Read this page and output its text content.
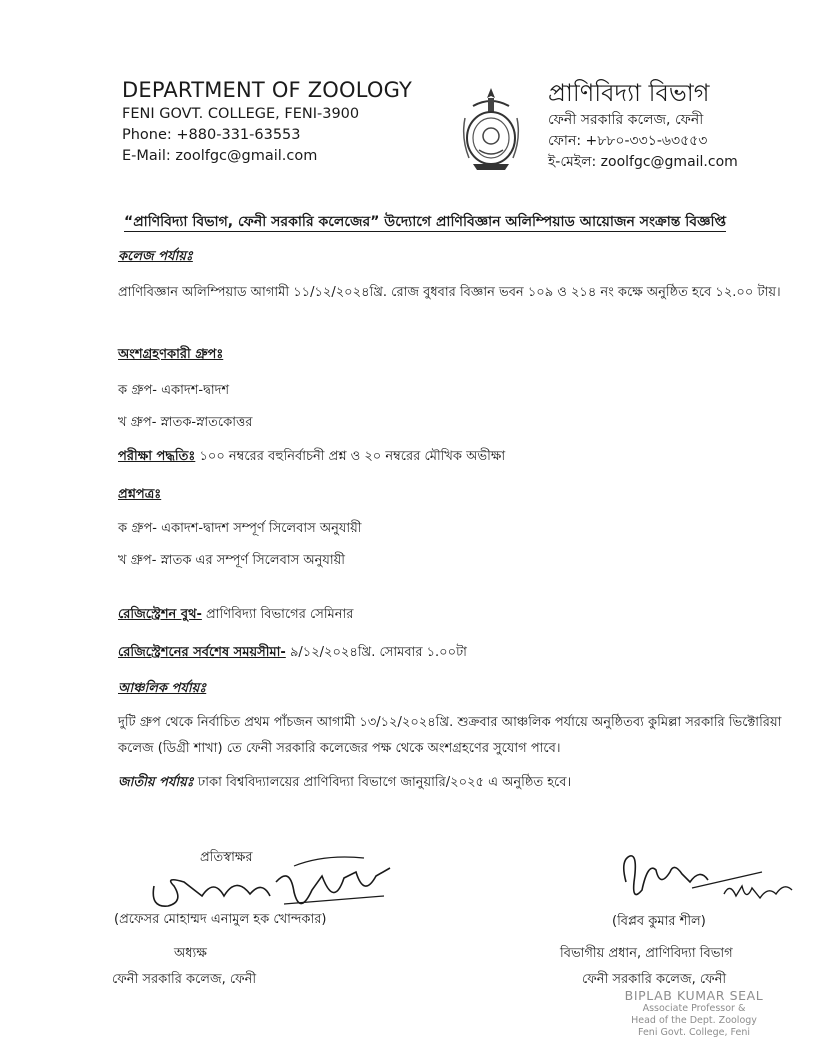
DEPARTMENT OF ZOOLOGY
FENI GOVT. COLLEGE, FENI-3900
Phone: +880-331-63553
E-Mail: zoolfgc@gmail.com
প্রাণিবিদ্যা বিভাগ
ফেনী সরকারি কলেজ, ফেনী
ফোন: +৮৮০-৩৩১-৬৩৫৫৩
ই-মেইল: zoolfgc@gmail.com
“প্রাণিবিদ্যা বিভাগ, ফেনী সরকারি কলেজের” উদ্যোগে প্রাণিবিজ্ঞান অলিম্পিয়াড আয়োজন সংক্রান্ত বিজ্ঞপ্তি
কলেজ পর্যায়ঃ
প্রাণিবিজ্ঞান অলিম্পিয়াড আগামী ১১/১২/২০২৪খ্রি. রোজ বুধবার বিজ্ঞান ভবন ১০৯ ও ২১৪ নং কক্ষে অনুষ্ঠিত হবে ১২.০০ টায়।
অংশগ্রহণকারী গ্রুপঃ
ক গ্রুপ- একাদশ-দ্বাদশ
খ গ্রুপ- স্নাতক-স্নাতকোত্তর
পরীক্ষা পদ্ধতিঃ ১০০ নম্বরের বহুনির্বাচনী প্রশ্ন ও ২০ নম্বরের মৌখিক অভীক্ষা
প্রশ্নপত্রঃ
ক গ্রুপ- একাদশ-দ্বাদশ সম্পূর্ণ সিলেবাস অনুযায়ী
খ গ্রুপ- স্নাতক এর সম্পূর্ণ সিলেবাস অনুযায়ী
রেজিস্ট্রেশন বুথ- প্রাণিবিদ্যা বিভাগের সেমিনার
রেজিস্ট্রেশনের সর্বশেষ সময়সীমা- ৯/১২/২০২৪খ্রি. সোমবার ১.০০টা
আঞ্চলিক পর্যায়ঃ
দুটি গ্রুপ থেকে নির্বাচিত প্রথম পাঁচজন আগামী ১৩/১২/২০২৪খ্রি. শুক্রবার আঞ্চলিক পর্যায়ে অনুষ্ঠিতব্য কুমিল্লা সরকারি ভিক্টোরিয়া কলেজ (ডিগ্রী শাখা) তে ফেনী সরকারি কলেজের পক্ষ থেকে অংশগ্রহণের সুযোগ পাবে।
জাতীয় পর্যায়ঃ ঢাকা বিশ্ববিদ্যালয়ের প্রাণিবিদ্যা বিভাগে জানুয়ারি/২০২৫ এ অনুষ্ঠিত হবে।
প্রতিস্বাক্ষর
(প্রফেসর মোহাম্মদ এনামুল হক খোন্দকার)
অধ্যক্ষ
ফেনী সরকারি কলেজ, ফেনী
(বিপ্লব কুমার শীল)
বিভাগীয় প্রধান, প্রাণিবিদ্যা বিভাগ
ফেনী সরকারি কলেজ, ফেনী
BIPLAB KUMAR SEAL
Associate Professor &
Head of the Dept. Zoology
Feni Govt. College, Feni
